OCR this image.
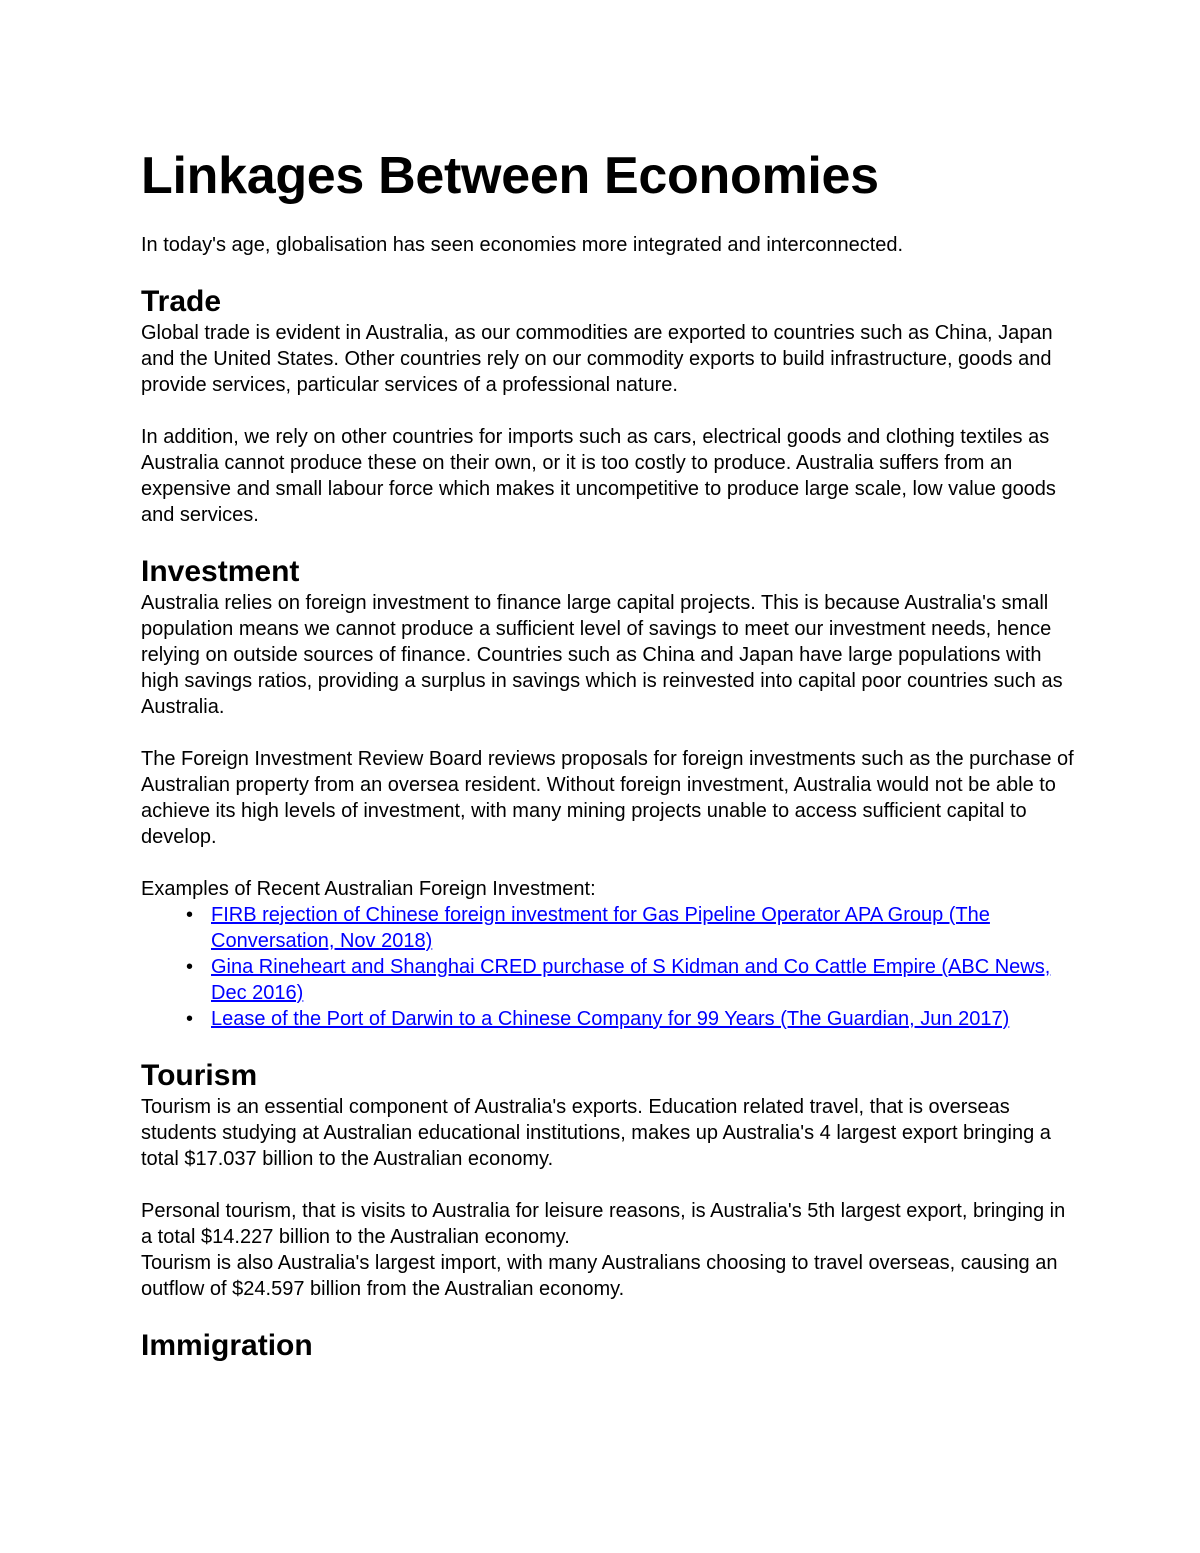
Linkages Between Economies

In today's age, globalisation has seen economies more integrated and interconnected.

Trade

Global trade is evident in Australia, as our commodities are exported to countries such as China, Japan and the United States. Other countries rely on our commodity exports to build infrastructure, goods and provide services, particular services of a professional nature.

In addition, we rely on other countries for imports such as cars, electrical goods and clothing textiles as Australia cannot produce these on their own, or it is too costly to produce. Australia suffers from an expensive and small labour force which makes it uncompetitive to produce large scale, low value goods and services.

Investment

Australia relies on foreign investment to finance large capital projects. This is because Australia's small population means we cannot produce a sufficient level of savings to meet our investment needs, hence relying on outside sources of finance. Countries such as China and Japan have large populations with high savings ratios, providing a surplus in savings which is reinvested into capital poor countries such as Australia.

The Foreign Investment Review Board reviews proposals for foreign investments such as the purchase of Australian property from an oversea resident. Without foreign investment, Australia would not be able to achieve its high levels of investment, with many mining projects unable to access sufficient capital to develop.

Examples of Recent Australian Foreign Investment:

• FIRB rejection of Chinese foreign investment for Gas Pipeline Operator APA Group (The Conversation, Nov 2018)
• Gina Rineheart and Shanghai CRED purchase of S Kidman and Co Cattle Empire (ABC News, Dec 2016)
• Lease of the Port of Darwin to a Chinese Company for 99 Years (The Guardian, Jun 2017)
Tourism

Tourism is an essential component of Australia's exports. Education related travel, that is overseas students studying at Australian educational institutions, makes up Australia's 4 largest export bringing a total $17.037 billion to the Australian economy.

Personal tourism, that is visits to Australia for leisure reasons, is Australia's 5th largest export, bringing in a total $14.227 billion to the Australian economy.

Tourism is also Australia's largest import, with many Australians choosing to travel overseas, causing an outflow of $24.597 billion from the Australian economy.

Immigration
